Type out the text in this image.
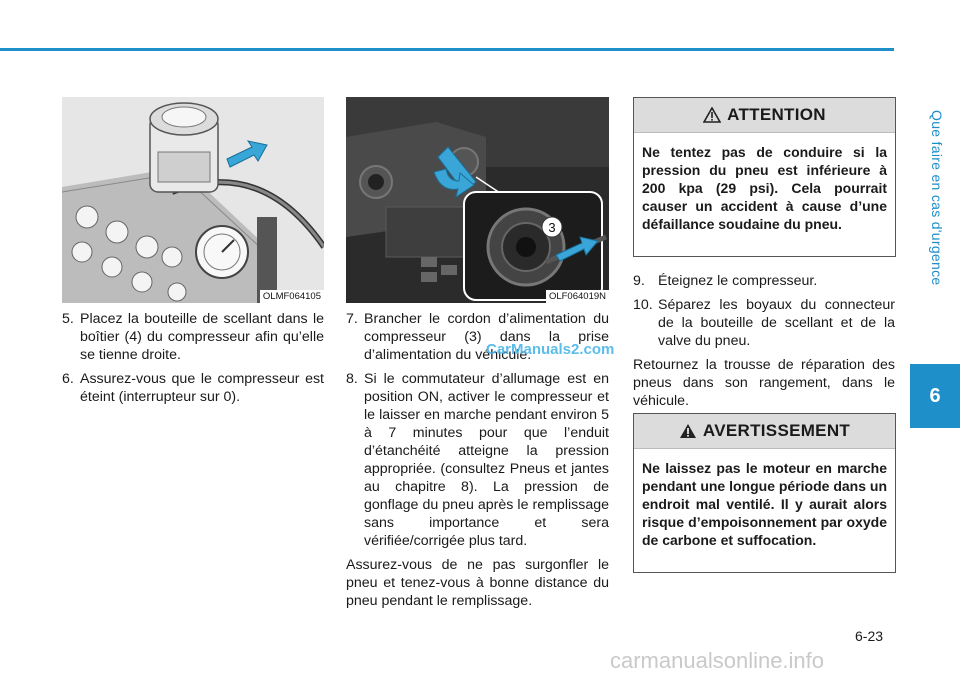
Que faire en cas d'urgence
6
OLMF064105
3
OLF064019N
5. Placez la bouteille de scellant dans le boîtier (4) du compresseur afin qu’elle se tienne droite.
6. Assurez-vous que le compresseur est éteint (interrupteur sur 0).
7. Brancher le cordon d’alimentation du compresseur (3) dans la prise d’alimentation du véhicule.
8. Si le commutateur d’allumage est en position ON, activer le compresseur et le laisser en marche pendant environ 5 à 7 minutes pour que l’enduit d’étanchéité atteigne la pression appropriée. (consultez Pneus et jantes au chapitre 8). La pression de gonflage du pneu après le remplissage sans importance et sera vérifiée/corrigée plus tard.

Assurez-vous de ne pas surgonfler le pneu et tenez-vous à bonne distance du pneu pendant le remplissage.

CarManuals2.com
9. Éteignez le compresseur.
10. Séparez les boyaux du connecteur de la bouteille de scellant et de la valve du pneu.

Retournez la trousse de réparation des pneus dans son rangement, dans le véhicule.

ATTENTION
Ne tentez pas de conduire si la pression du pneu est inférieure à 200 kpa (29 psi). Cela pourrait causer un accident à cause d’une défaillance soudaine du pneu.
AVERTISSEMENT
Ne laissez pas le moteur en marche pendant une longue période dans un endroit mal ventilé. Il y aurait alors risque d’empoisonnement par oxyde de carbone et suffocation.
6-23
carmanualsonline.info
